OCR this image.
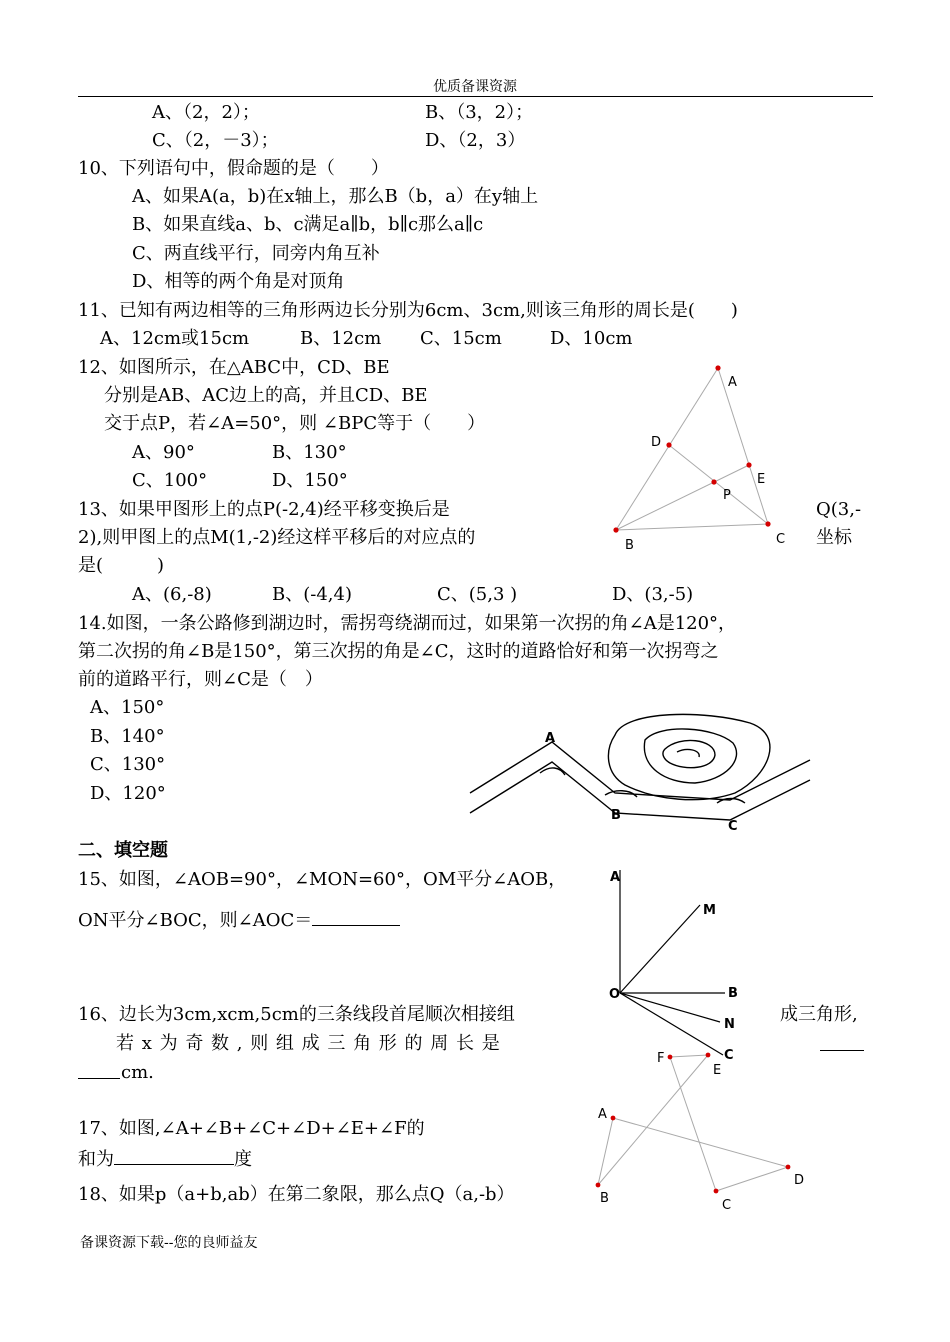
优质备课资源
A、（2，2）；	B、（3，2）；
C、（2，－3）；	D、（2，3）
10、下列语句中，假命题的是（　　）
A、如果A(a，b)在x轴上，那么B（b，a）在y轴上
B、如果直线a、b、c满足a∥b，b∥c那么a∥c
C、两直线平行，同旁内角互补
D、相等的两个角是对顶角
11、已知有两边相等的三角形两边长分别为6cm、3cm,则该三角形的周长是(　　)
A、12cm或15cm	B、12cm C、15cm	D、10cm
12、如图所示，在△ABC中，CD、BE
分别是AB、AC边上的高，并且CD、BE
交于点P，若∠A=50°，则 ∠BPC等于（　　）
A、90°	B、130°
C、100°	D、150°
A
B	C
D
E
P
13、如果甲图形上的点P(-2,4)经平移变换后是	Q(3,-
2),则甲图上的点M(1,-2)经这样平移后的对应点的	坐标
是(　　　)
A、(6,-8)	B、(-4,4)	C、(5,3 )	D、(3,-5)
14.如图，一条公路修到湖边时，需拐弯绕湖而过，如果第一次拐的角∠A是120°，
第二次拐的角∠B是150°，第三次拐的角是∠C，这时的道路恰好和第一次拐弯之
前的道路平行，则∠C是（　）
A、150°
B、140°
C、130°
D、120°
A
B
C
二、填空题
15、如图，∠AOB=90°，∠MON=60°，OM平分∠AOB，
ON平分∠BOC，则∠AOC＝
A
M
O	B
N
C
16、边长为3cm,xcm,5cm的三条线段首尾顺次相接组	成三角形,
若 x 为 奇 数 , 则 组 成 三 角 形 的 周 长 是
cm.
17、如图,∠A+∠B+∠C+∠D+∠E+∠F的
和为	度
F
E
A
B	C
D
18、如果p（a+b,ab）在第二象限，那么点Q（a,-b）
备课资源下载--您的良师益友
